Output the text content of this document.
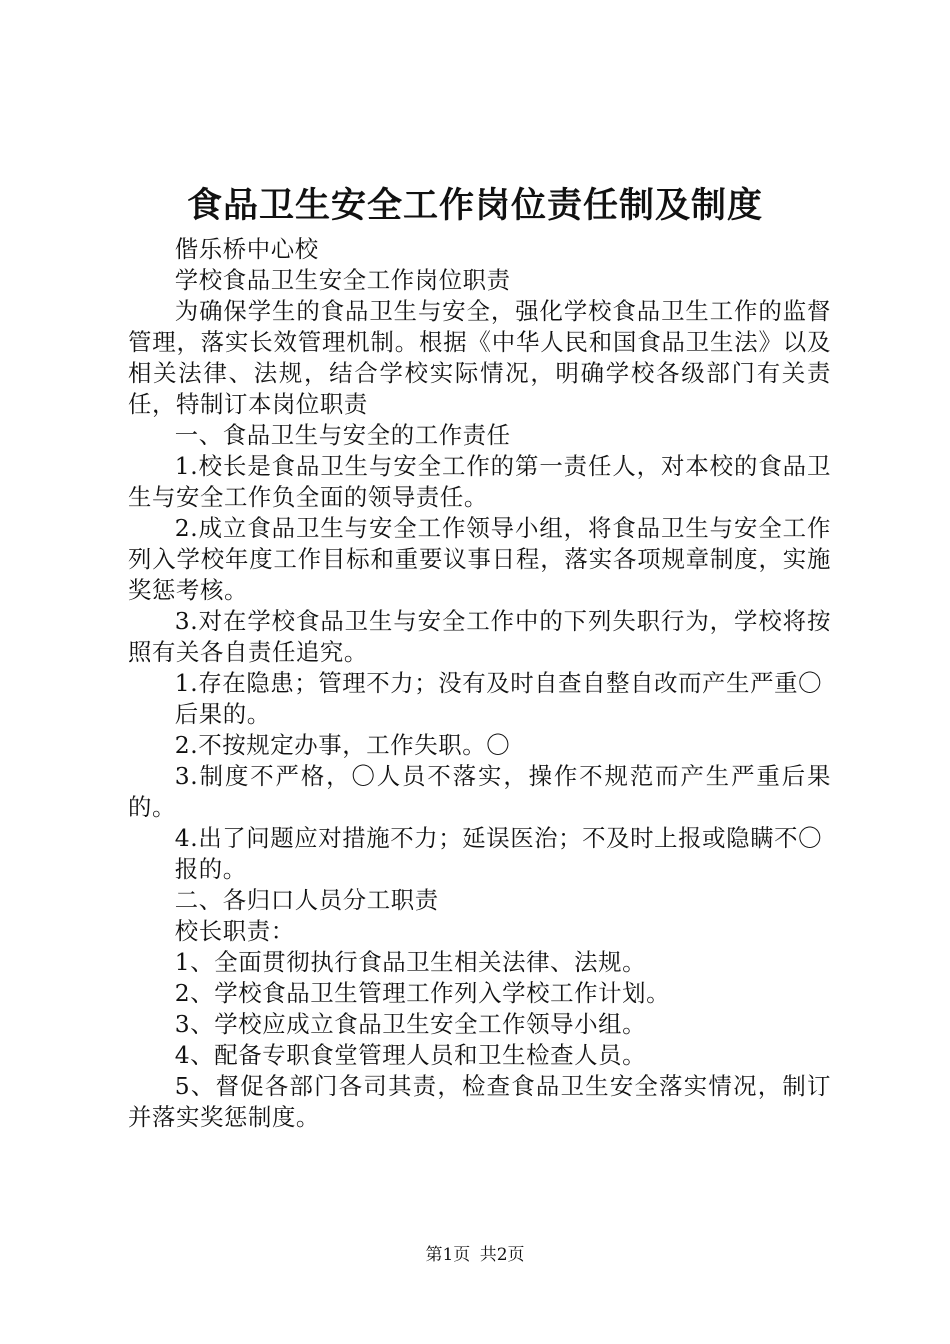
食品卫生安全工作岗位责任制及制度

偕乐桥中心校

学校食品卫生安全工作岗位职责

为确保学生的食品卫生与安全，强化学校食品卫生工作的监督管理，落实长效管理机制。根据《中华人民和国食品卫生法》以及相关法律、法规，结合学校实际情况，明确学校各级部门有关责任，特制订本岗位职责

一、食品卫生与安全的工作责任

1.校长是食品卫生与安全工作的第一责任人，对本校的食品卫生与安全工作负全面的领导责任。

2.成立食品卫生与安全工作领导小组，将食品卫生与安全工作列入学校年度工作目标和重要议事日程，落实各项规章制度，实施奖惩考核。

3.对在学校食品卫生与安全工作中的下列失职行为，学校将按照有关各自责任追究。

1.存在隐患；管理不力；没有及时自查自整自改而产生严重〇

后果的。

2.不按规定办事，工作失职。〇

3.制度不严格，〇人员不落实，操作不规范而产生严重后果的。

4.出了问题应对措施不力；延误医治；不及时上报或隐瞒不〇

报的。

二、各归口人员分工职责

校长职责：

1、全面贯彻执行食品卫生相关法律、法规。

2、学校食品卫生管理工作列入学校工作计划。

3、学校应成立食品卫生安全工作领导小组。

4、配备专职食堂管理人员和卫生检查人员。

5、督促各部门各司其责，检查食品卫生安全落实情况，制订并落实奖惩制度。

第1页 共2页
